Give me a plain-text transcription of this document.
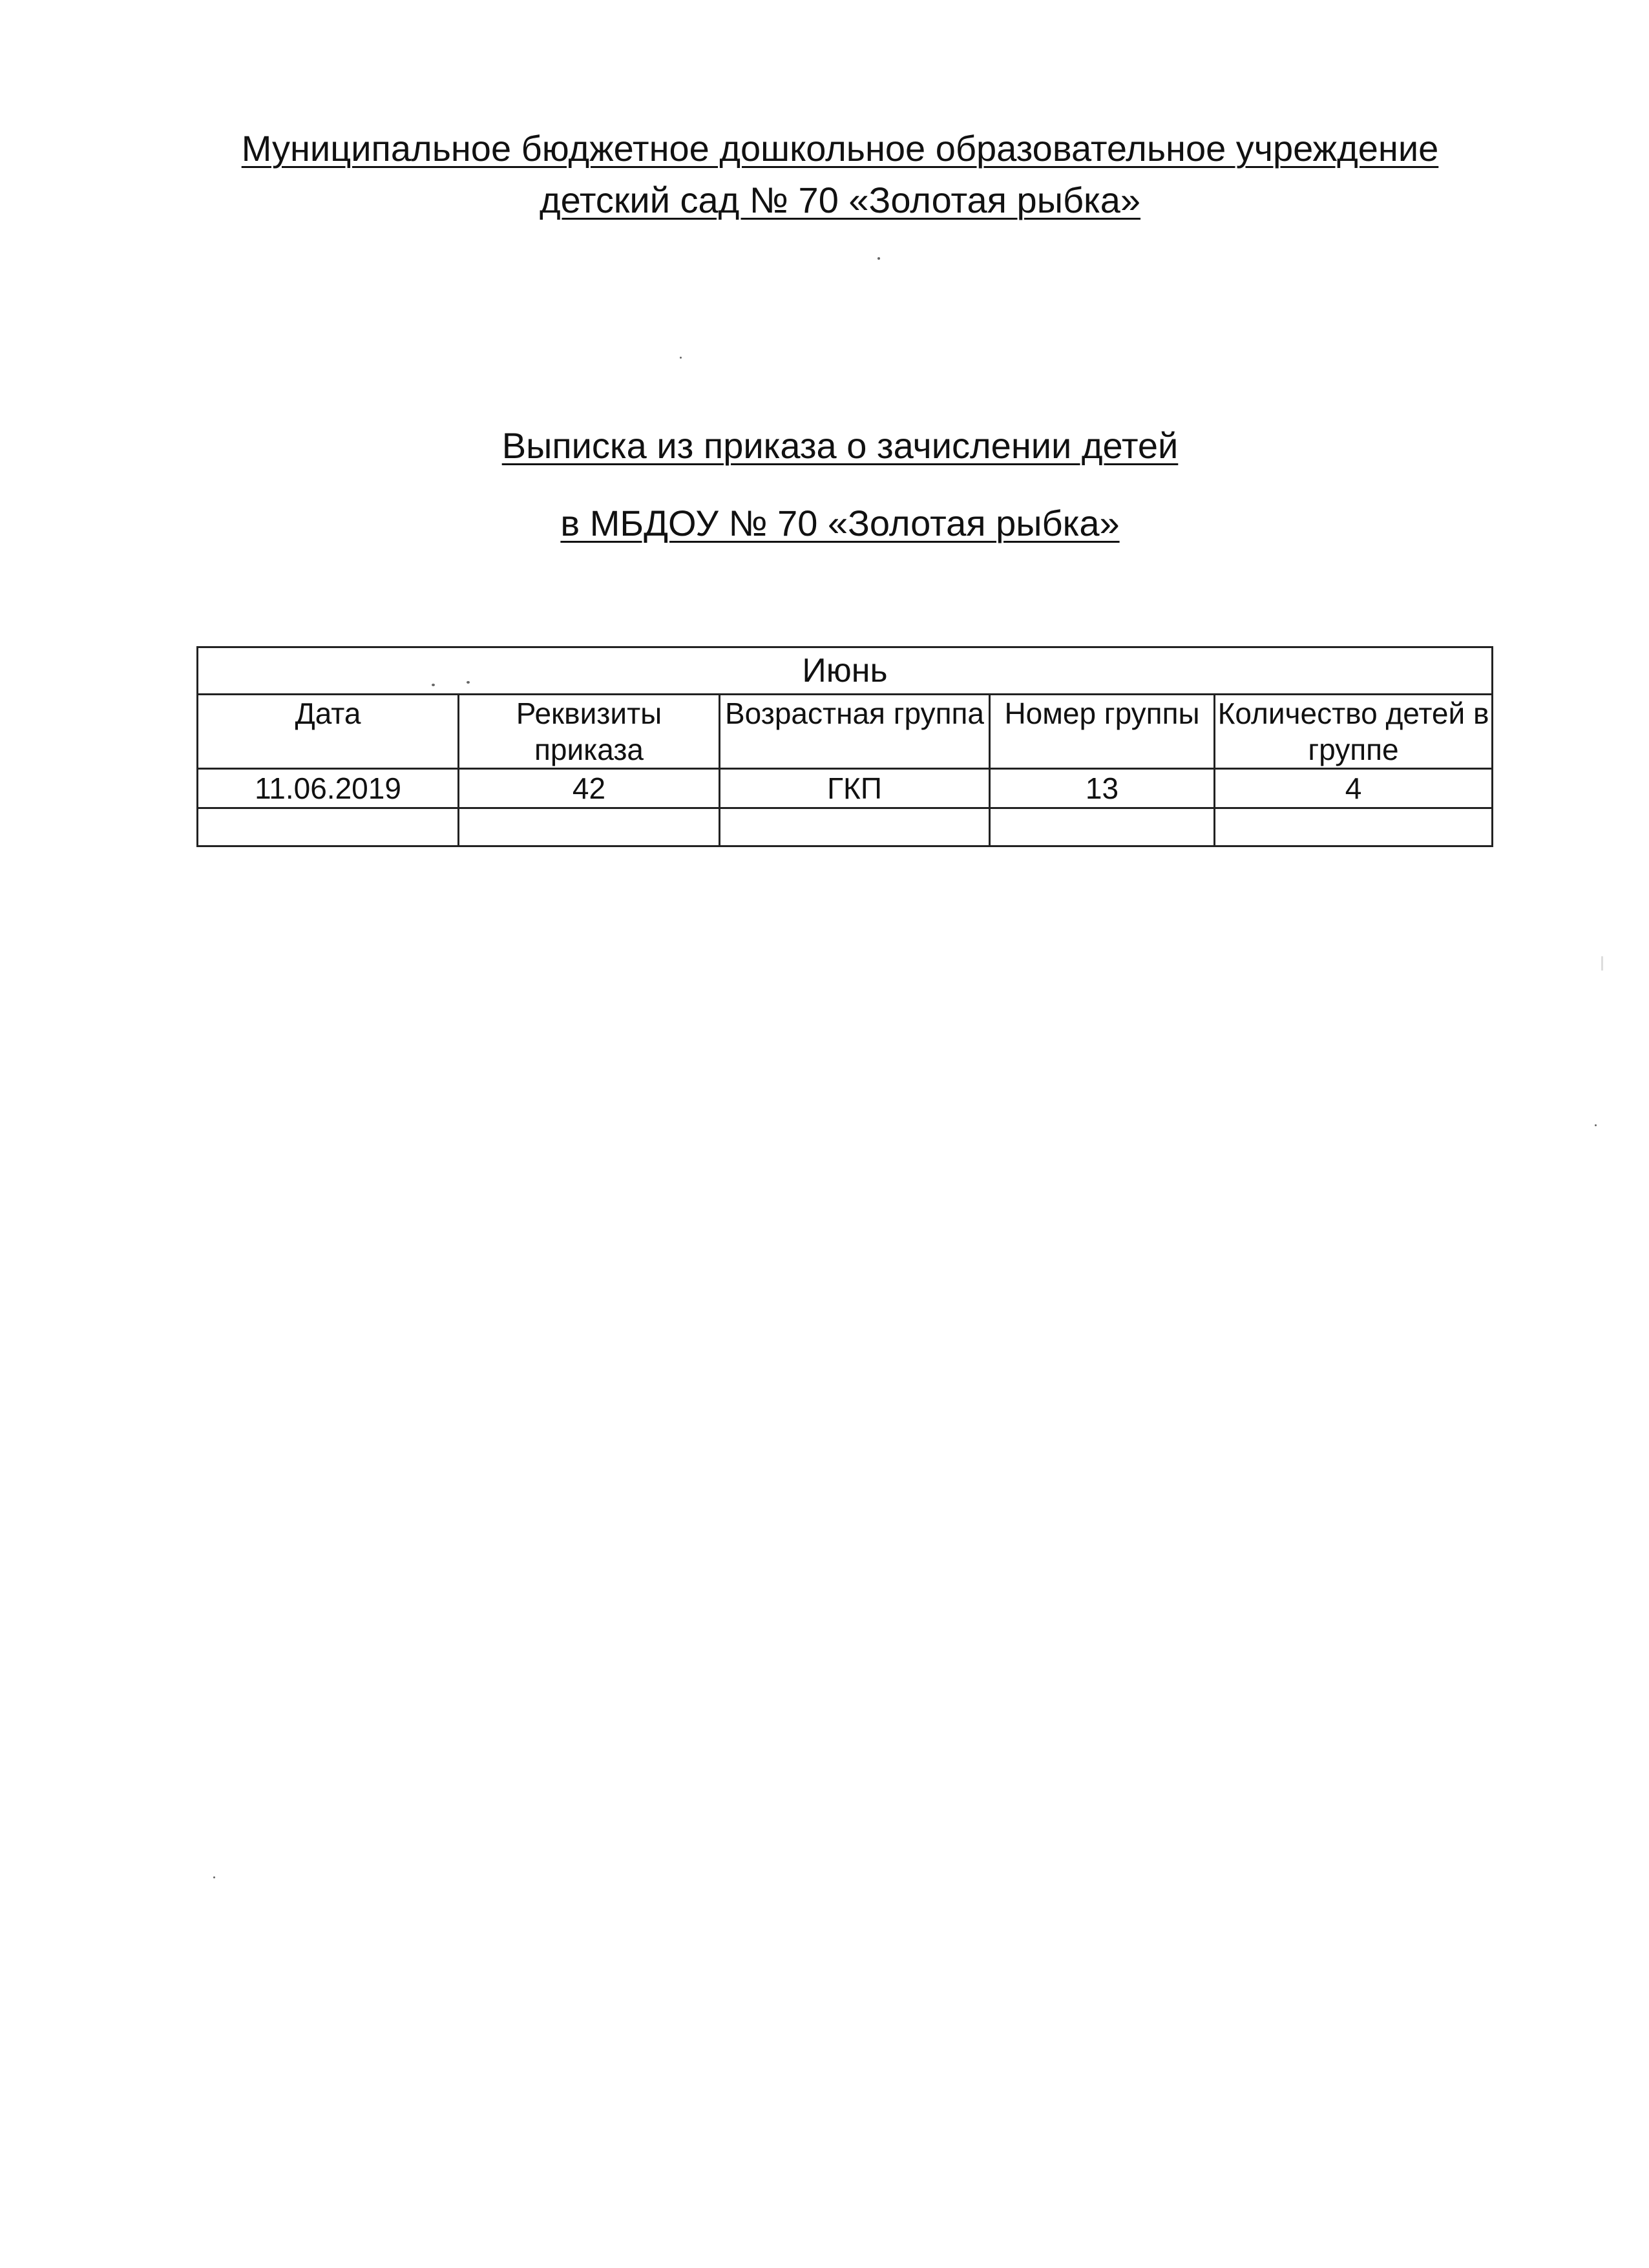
Муниципальное бюджетное дошкольное образовательное учреждение
детский сад № 70 «Золотая рыбка»
Выписка из приказа о зачислении детей
в МБДОУ № 70 «Золотая рыбка»
Июнь				
Дата	Реквизиты приказа	Возрастная группа	Номер группы	Количество детей в группе
11.06.2019	42	ГКП	13	4
